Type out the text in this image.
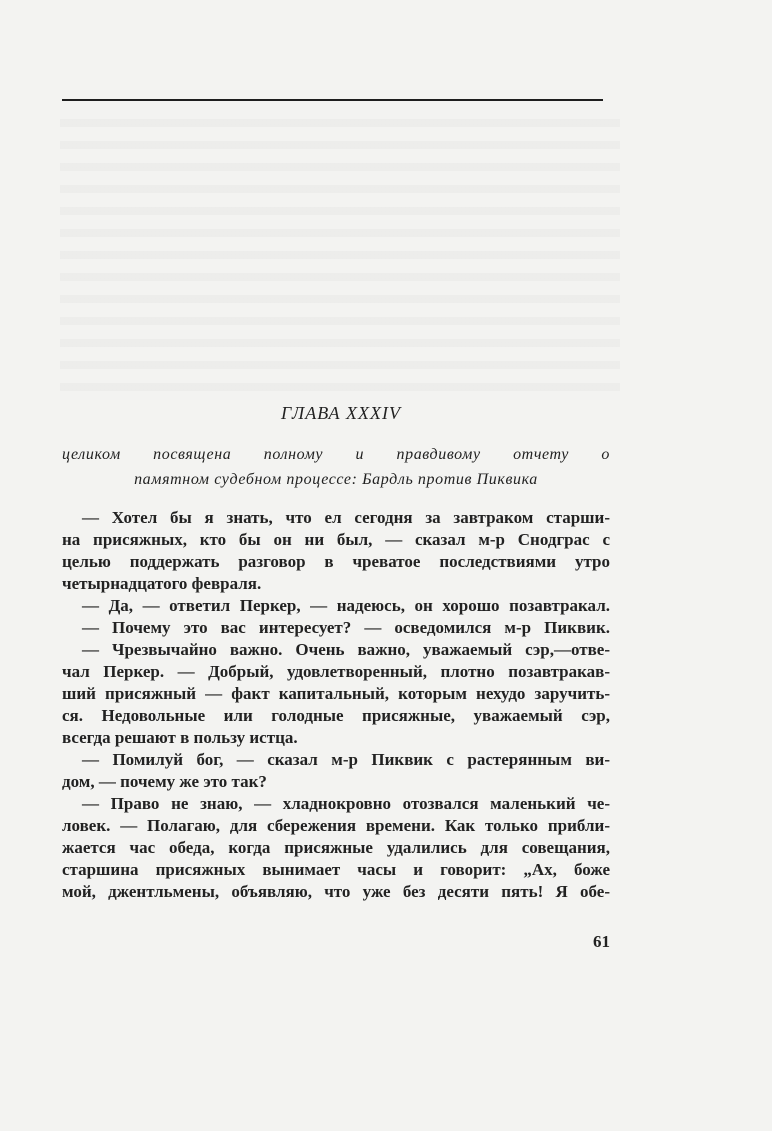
ГЛАВА XXXIV
целиком посвящена полному и правдивому отчету о
памятном судебном процессе: Бардль против Пиквика
— Хотел бы я знать, что ел сегодня за завтраком старши-
на присяжных, кто бы он ни был, — сказал м-р Снодграс с
целью поддержать разговор в чреватое последствиями утро
четырнадцатого февраля.
— Да, — ответил Перкер, — надеюсь, он хорошо позавтракал.
— Почему это вас интересует? — осведомился м-р Пиквик.
— Чрезвычайно важно. Очень важно, уважаемый сэр,—отве-
чал Перкер. — Добрый, удовлетворенный, плотно позавтракав-
ший присяжный — факт капитальный, которым нехудо заручить-
ся. Недовольные или голодные присяжные, уважаемый сэр,
всегда решают в пользу истца.
— Помилуй бог, — сказал м-р Пиквик с растерянным ви-
дом, — почему же это так?
— Право не знаю, — хладнокровно отозвался маленький че-
ловек. — Полагаю, для сбережения времени. Как только прибли-
жается час обеда, когда присяжные удалились для совещания,
старшина присяжных вынимает часы и говорит: „Ах, боже
мой, джентльмены, объявляю, что уже без десяти пять! Я обе-
61
